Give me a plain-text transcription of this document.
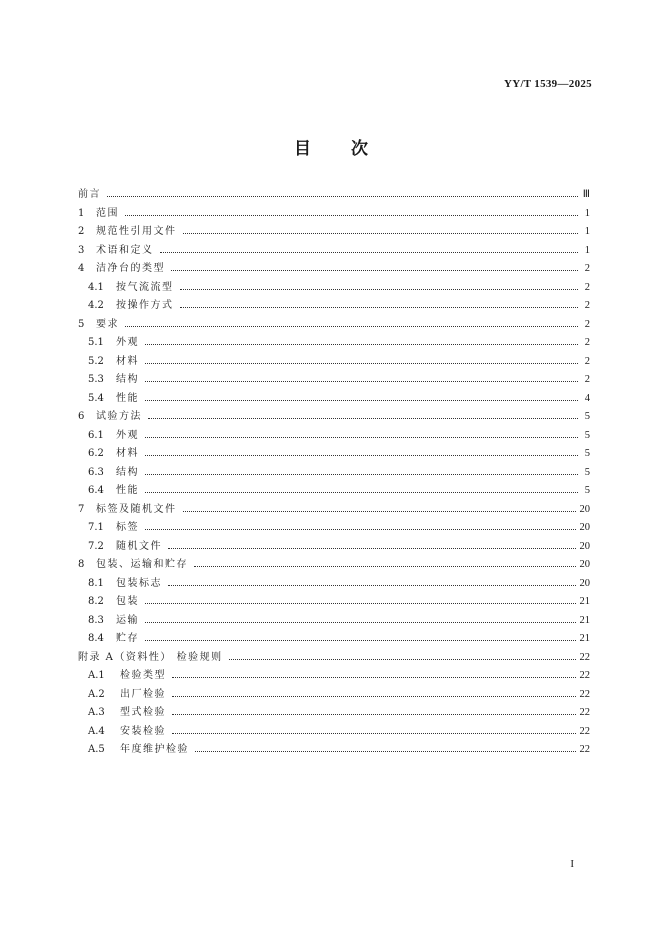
YY/T 1539—2025
目 次
前言	Ⅲ
1	范围	1
2	规范性引用文件	1
3	术语和定义	1
4	洁净台的类型	2
4.1	按气流流型	2
4.2	按操作方式	2
5	要求	2
5.1	外观	2
5.2	材料	2
5.3	结构	2
5.4	性能	4
6	试验方法	5
6.1	外观	5
6.2	材料	5
6.3	结构	5
6.4	性能	5
7	标签及随机文件	20
7.1	标签	20
7.2	随机文件	20
8	包装、运输和贮存	20
8.1	包装标志	20
8.2	包装	21
8.3	运输	21
8.4	贮存	21
附录 A（资料性） 检验规则	22
A.1	检验类型	22
A.2	出厂检验	22
A.3	型式检验	22
A.4	安装检验	22
A.5	年度维护检验	22
I
